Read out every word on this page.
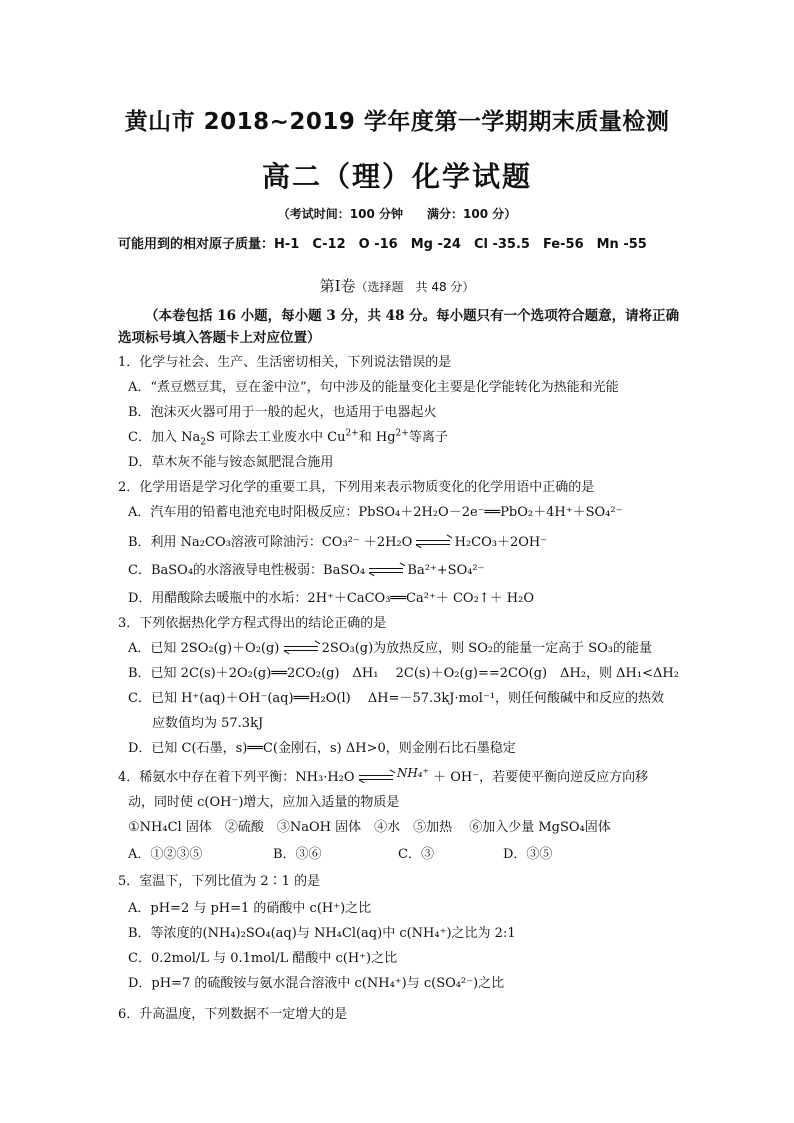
黄山市 2018~2019 学年度第一学期期末质量检测
高二（理）化学试题
（考试时间：100 分钟　　满分：100 分）
可能用到的相对原子质量：H-1　C-12　O -16　Mg -24　Cl -35.5　Fe-56　Mn -55
第Ⅰ卷（选择题　共 48 分）
（本卷包括 16 小题，每小题 3 分，共 48 分。每小题只有一个选项符合题意，请将正确选项标号填入答题卡上对应位置）
1．化学与社会、生产、生活密切相关，下列说法错误的是
A．“煮豆燃豆萁，豆在釜中泣”，句中涉及的能量变化主要是化学能转化为热能和光能
B．泡沫灭火器可用于一般的起火，也适用于电器起火
C．加入 $Na_2S$ 可除去工业废水中 $Cu^{2+}$和 $Hg^{2+}$等离子
D．草木灰不能与铵态氮肥混合施用
2．化学用语是学习化学的重要工具，下列用来表示物质变化的化学用语中正确的是
A．汽车用的铅蓄电池充电时阳极反应：PbSO₄＋2H₂O－2e⁻══PbO₂＋4H⁺＋SO₄²⁻
B．利用 Na₂CO₃溶液可除油污：CO₃²⁻ ＋2H₂O	H₂CO₃＋2OH⁻
C．BaSO₄的水溶液导电性极弱：BaSO₄	Ba²⁺+SO₄²⁻
D．用醋酸除去暖瓶中的水垢：2H⁺＋CaCO₃══Ca²⁺＋ CO₂↑＋ H₂O
3．下列依据热化学方程式得出的结论正确的是
A．已知 2SO₂(g)＋O₂(g)	2SO₃(g)为放热反应，则 SO₂的能量一定高于 SO₃的能量
B．已知 2C(s)＋2O₂(g)══2CO₂(g)　ΔH₁　 2C(s)＋O₂(g)==2CO(g)　ΔH₂，则 ΔH₁<ΔH₂
C．已知 H⁺(aq)＋OH⁻(aq)══H₂O(l)　 ΔH=－57.3kJ·mol⁻¹，则任何酸碱中和反应的热效
应数值均为 57.3kJ
D．已知 C(石墨，s)══C(金刚石，s) ΔH>0，则金刚石比石墨稳定
4．稀氨水中存在着下列平衡：NH₃·H₂O	NH₄⁺ ＋ OH⁻，若要使平衡向逆反应方向移
动，同时使 c(OH⁻)增大，应加入适量的物质是
①NH₄Cl 固体　②硫酸　③NaOH 固体　④水　⑤加热　 ⑥加入少量 MgSO₄固体
A．①②③⑤	B．③⑥	C．③	D．③⑤
5．室温下，下列比值为 2∶1 的是
A．pH=2 与 pH=1 的硝酸中 c(H⁺)之比
B．等浓度的(NH₄)₂SO₄(aq)与 NH₄Cl(aq)中 c(NH₄⁺)之比为 2:1
C．0.2mol/L 与 0.1mol/L 醋酸中 c(H⁺)之比
D．pH=7 的硫酸铵与氨水混合溶液中 c(NH₄⁺)与 c(SO₄²⁻)之比
6．升高温度，下列数据不一定增大的是
